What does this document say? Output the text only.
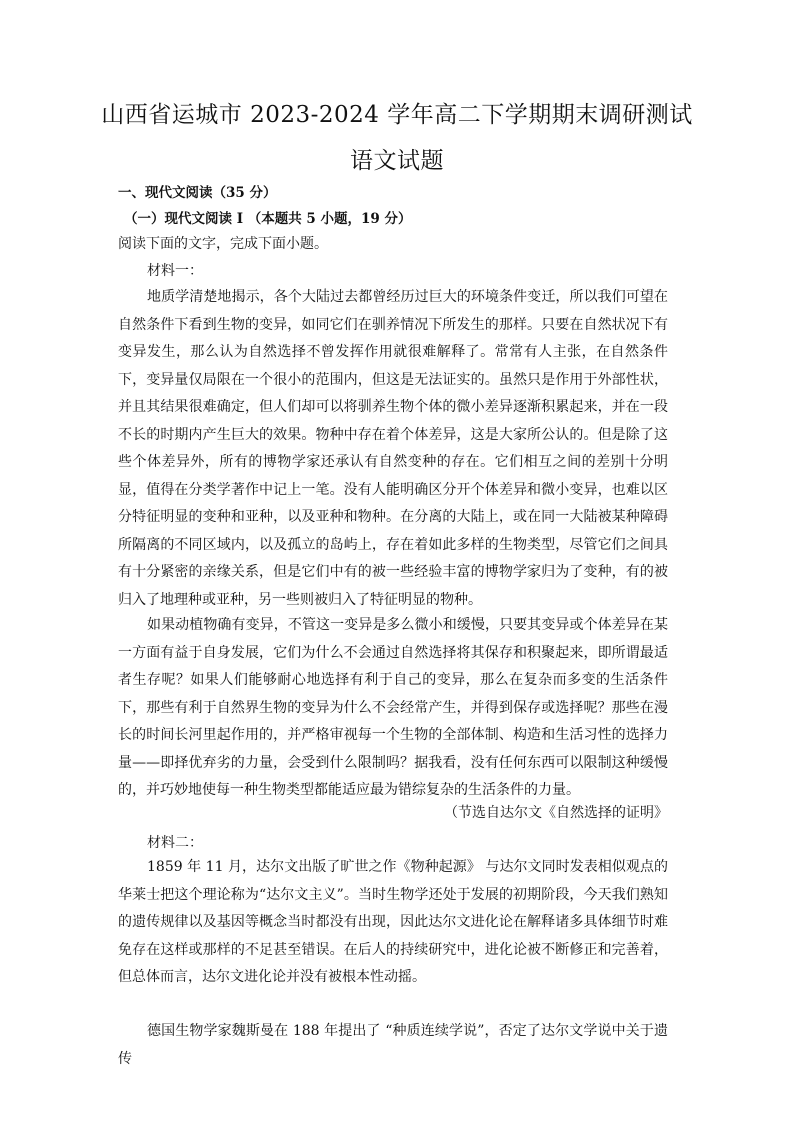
山西省运城市 2023-2024 学年高二下学期期末调研测试
语文试题
一、现代文阅读（35 分）
（一）现代文阅读 I （本题共 5 小题，19 分）
阅读下面的文字，完成下面小题。
材料一：

地质学清楚地揭示，各个大陆过去都曾经历过巨大的环境条件变迁，所以我们可望在自然条件下看到生物的变异，如同它们在驯养情况下所发生的那样。只要在自然状况下有变异发生，那么认为自然选择不曾发挥作用就很难解释了。常常有人主张，在自然条件下，变异量仅局限在一个很小的范围内，但这是无法证实的。虽然只是作用于外部性状，并且其结果很难确定，但人们却可以将驯养生物个体的微小差异逐渐积累起来，并在一段不长的时期内产生巨大的效果。物种中存在着个体差异，这是大家所公认的。但是除了这些个体差异外，所有的博物学家还承认有自然变种的存在。它们相互之间的差别十分明显，值得在分类学著作中记上一笔。没有人能明确区分开个体差异和微小变异，也难以区分特征明显的变种和亚种，以及亚种和物种。在分离的大陆上，或在同一大陆被某种障碍所隔离的不同区域内，以及孤立的岛屿上，存在着如此多样的生物类型，尽管它们之间具有十分紧密的亲缘关系，但是它们中有的被一些经验丰富的博物学家归为了变种，有的被归入了地理种或亚种，另一些则被归入了特征明显的物种。

如果动植物确有变异，不管这一变异是多么微小和缓慢，只要其变异或个体差异在某一方面有益于自身发展，它们为什么不会通过自然选择将其保存和积聚起来，即所谓最适者生存呢？如果人们能够耐心地选择有利于自己的变异，那么在复杂而多变的生活条件下，那些有利于自然界生物的变异为什么不会经常产生，并得到保存或选择呢？那些在漫长的时间长河里起作用的，并严格审视每一个生物的全部体制、构造和生活习性的选择力量——即择优弃劣的力量，会受到什么限制吗？据我看，没有任何东西可以限制这种缓慢的，并巧妙地使每一种生物类型都能适应最为错综复杂的生活条件的力量。

（节选自达尔文《自然选择的证明》
材料二：

1859 年 11 月，达尔文出版了旷世之作《物种起源》 与达尔文同时发表相似观点的华莱士把这个理论称为“达尔文主义”。当时生物学还处于发展的初期阶段，今天我们熟知的遗传规律以及基因等概念当时都没有出现，因此达尔文进化论在解释诸多具体细节时难免存在这样或那样的不足甚至错误。在后人的持续研究中，进化论被不断修正和完善着，但总体而言，达尔文进化论并没有被根本性动摇。

德国生物学家魏斯曼在 188 年提出了 “种质连续学说”，否定了达尔文学说中关于遗传
